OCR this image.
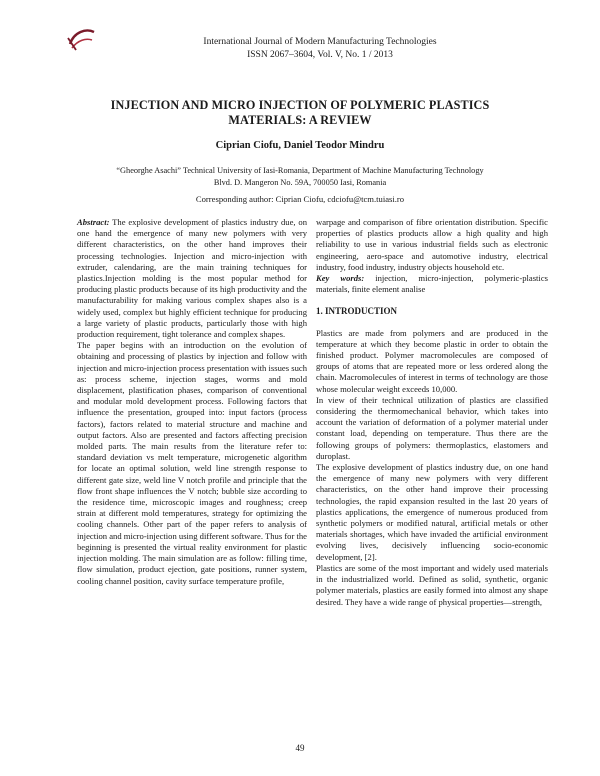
International Journal of Modern Manufacturing Technologies
ISSN 2067–3604, Vol. V, No. 1 / 2013
INJECTION AND MICRO INJECTION OF POLYMERIC PLASTICS
MATERIALS: A REVIEW
Ciprian Ciofu, Daniel Teodor Mindru
“Gheorghe Asachi” Technical University of Iasi-Romania, Department of Machine Manufacturing Technology
Blvd. D. Mangeron No. 59A, 700050 Iasi, Romania
Corresponding author: Ciprian Ciofu, cdciofu@tcm.tuiasi.ro

Abstract: The explosive development of plastics industry due, on one hand the emergence of many new polymers with very different characteristics, on the other hand improves their processing technologies. Injection and micro-injection with extruder, calendaring, are the main training techniques for plastics.Injection molding is the most popular method for producing plastic products because of its high productivity and the manufacturability for making various complex shapes also is a widely used, complex but highly efficient technique for producing a large variety of plastic products, particularly those with high production requirement, tight tolerance and complex shapes.

The paper begins with an introduction on the evolution of obtaining and processing of plastics by injection and follow with injection and micro-injection process presentation with issues such as: process scheme, injection stages, worms and mold displacement, plastification phases, comparison of conventional and modular mold development process. Following factors that influence the presentation, grouped into: input factors (process factors), factors related to material structure and machine and output factors. Also are presented and factors affecting precision molded parts. The main results from the literature refer to: standard deviation vs melt temperature, microgenetic algorithm for locate an optimal solution, weld line strength response to different gate size, weld line V notch profile and principle that the flow front shape influences the V notch; bubble size according to the residence time, microscopic images and roughness; creep strain at different mold temperatures, strategy for optimizing the cooling channels. Other part of the paper refers to analysis of injection and micro-injection using different software. Thus for the beginning is presented the virtual reality environment for plastic injection molding. The main simulation are as follow: filling time, flow simulation, product ejection, gate positions, runner system, cooling channel position, cavity surface temperature profile,

warpage and comparison of fibre orientation distribution. Specific properties of plastics products allow a high quality and high reliability to use in various industrial fields such as electronic engineering, aero-space and automotive industry, electrical industry, food industry, industry objects household etc.

Key words: injection, micro-injection, polymeric-plastics materials, finite element analise

1. INTRODUCTION

Plastics are made from polymers and are produced in the temperature at which they become plastic in order to obtain the finished product. Polymer macromolecules are composed of groups of atoms that are repeated more or less ordered along the chain. Macromolecules of interest in terms of technology are those whose molecular weight exceeds 10,000.

In view of their technical utilization of plastics are classified considering the thermomechanical behavior, which takes into account the variation of deformation of a polymer material under constant load, depending on temperature. Thus there are the following groups of polymers: thermoplastics, elastomers and duroplast.

The explosive development of plastics industry due, on one hand the emergence of many new polymers with very different characteristics, on the other hand improve their processing technologies, the rapid expansion resulted in the last 20 years of plastics applications, the emergence of numerous produced from synthetic polymers or modified natural, artificial metals or other materials shortages, which have invaded the artificial environment evolving lives, decisively influencing socio-economic development, [2].

Plastics are some of the most important and widely used materials in the industrialized world. Defined as solid, synthetic, organic polymer materials, plastics are easily formed into almost any shape desired. They have a wide range of physical properties—strength,

49
